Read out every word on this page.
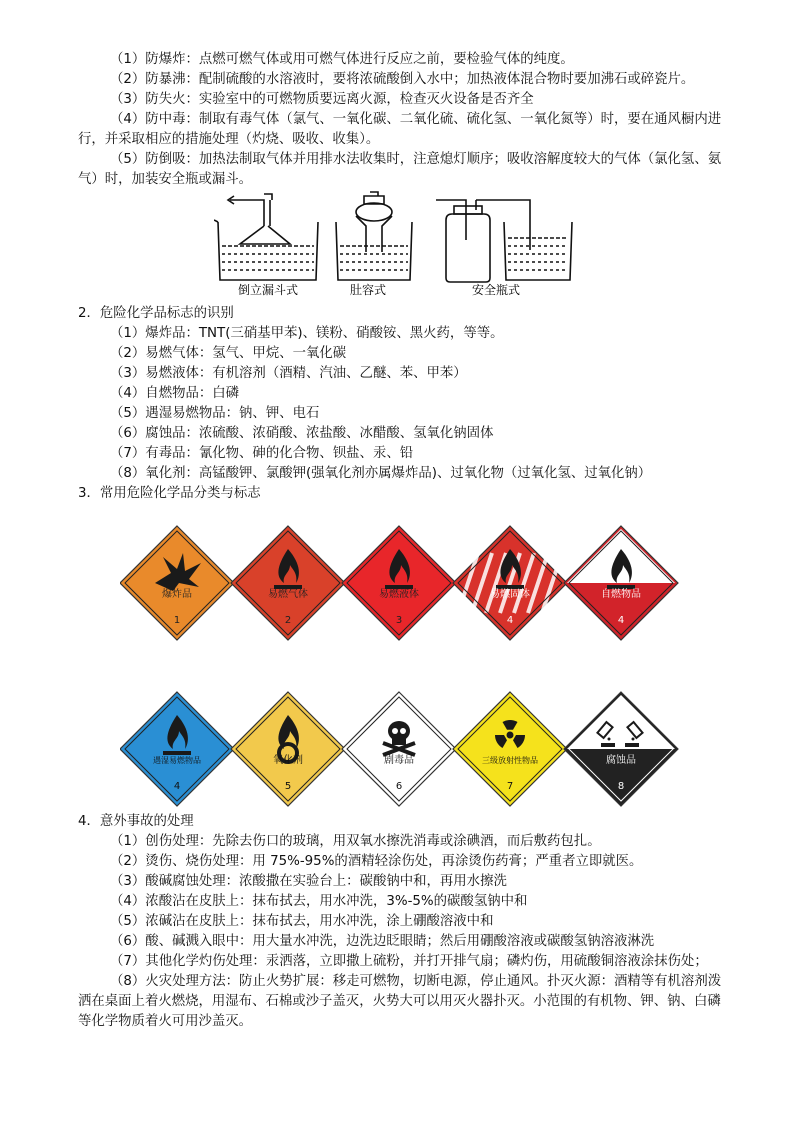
（1）防爆炸：点燃可燃气体或用可燃气体进行反应之前，要检验气体的纯度。
（2）防暴沸：配制硫酸的水溶液时，要将浓硫酸倒入水中；加热液体混合物时要加沸石或碎瓷片。
（3）防失火：实验室中的可燃物质要远离火源，检查灭火设备是否齐全
（4）防中毒：制取有毒气体（氯气、一氧化碳、二氧化硫、硫化氢、一氧化氮等）时，要在通风橱内进
行，并采取相应的措施处理（灼烧、吸收、收集）。
（5）防倒吸：加热法制取气体并用排水法收集时，注意熄灯顺序；吸收溶解度较大的气体（氯化氢、氨
气）时，加装安全瓶或漏斗。
倒立漏斗式	肚容式	安全瓶式
2．危险化学品标志的识别
（1）爆炸品：TNT(三硝基甲苯)、镁粉、硝酸铵、黑火药，等等。
（2）易燃气体：氢气、甲烷、一氧化碳
（3）易燃液体：有机溶剂（酒精、汽油、乙醚、苯、甲苯）
（4）自燃物品：白磷
（5）遇湿易燃物品：钠、钾、电石
（6）腐蚀品：浓硫酸、浓硝酸、浓盐酸、冰醋酸、氢氧化钠固体
（7）有毒品：氰化物、砷的化合物、钡盐、汞、铅
（8）氧化剂：高锰酸钾、氯酸钾(强氧化剂亦属爆炸品)、过氧化物（过氧化氢、过氧化钠）
3．常用危险化学品分类与标志
爆炸品
1
易燃气体
2
易燃液体
3
易燃固体
4
自燃物品
4
遇湿易燃物品
4
氧化剂
5
剧毒品
6
三级放射性物品
7
腐蚀品
8
4．意外事故的处理
（1）创伤处理：先除去伤口的玻璃，用双氧水擦洗消毒或涂碘酒，而后敷药包扎。
（2）烫伤、烧伤处理：用 75%-95%的酒精轻涂伤处，再涂烫伤药膏；严重者立即就医。
（3）酸碱腐蚀处理：浓酸撒在实验台上：碳酸钠中和，再用水擦洗
（4）浓酸沾在皮肤上：抹布拭去，用水冲洗，3%-5%的碳酸氢钠中和
（5）浓碱沾在皮肤上：抹布拭去，用水冲洗，涂上硼酸溶液中和
（6）酸、碱溅入眼中：用大量水冲洗，边洗边眨眼睛；然后用硼酸溶液或碳酸氢钠溶液淋洗
（7）其他化学灼伤处理：汞洒落，立即撒上硫粉，并打开排气扇；磷灼伤，用硫酸铜溶液涂抹伤处；
（8）火灾处理方法：防止火势扩展：移走可燃物，切断电源，停止通风。扑灭火源：酒精等有机溶剂泼
洒在桌面上着火燃烧，用湿布、石棉或沙子盖灭，火势大可以用灭火器扑灭。小范围的有机物、钾、钠、白磷
等化学物质着火可用沙盖灭。
